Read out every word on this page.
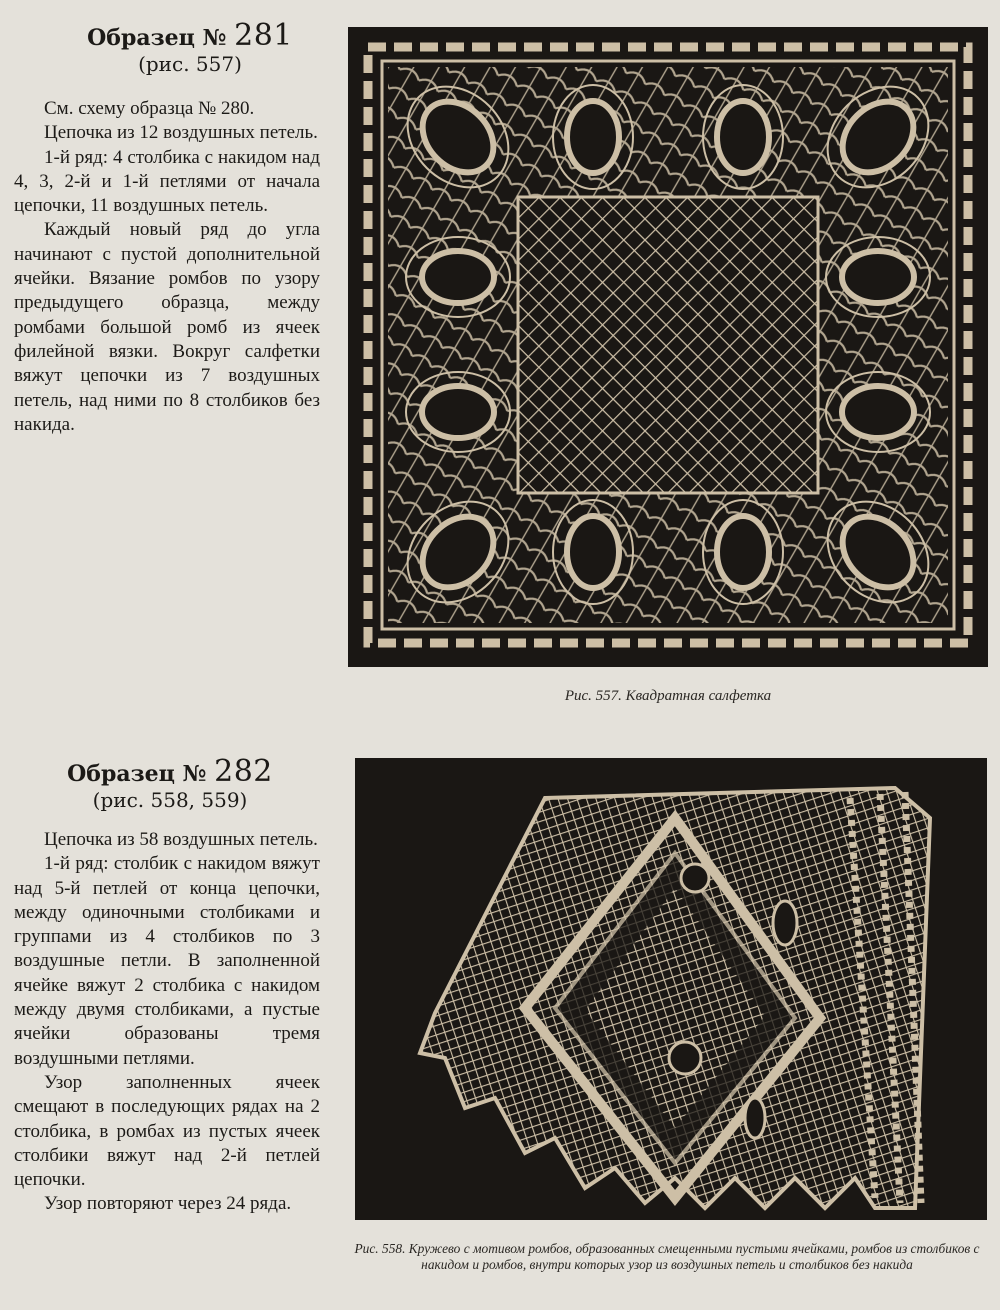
Образец № 281
(рис. 557)

См. схему образца № 280.

Цепочка из 12 воздушных петель.

1-й ряд: 4 столбика с накидом над 4, 3, 2-й и 1-й петлями от начала цепочки, 11 воздушных петель.

Каждый новый ряд до угла начинают с пустой дополнительной ячейки. Вязание ромбов по узору предыдущего образца, между ромбами большой ромб из ячеек филейной вязки. Вокруг салфетки вяжут цепочки из 7 воздушных петель, над ними по 8 столбиков без накида.

Рис. 557. Квадратная салфетка
Образец № 282
(рис. 558, 559)

Цепочка из 58 воздушных петель.

1-й ряд: столбик с накидом вяжут над 5-й петлей от конца цепочки, между одиночными столбиками и группами из 4 столбиков по 3 воздушные петли. В заполненной ячейке вяжут 2 столбика с накидом между двумя столбиками, а пустые ячейки образованы тремя воздушными петлями.

Узор заполненных ячеек смещают в последующих рядах на 2 столбика, в ромбах из пустых ячеек столбики вяжут над 2-й петлей цепочки.

Узор повторяют через 24 ряда.

Рис. 558. Кружево с мотивом ромбов, образованных смещенными пустыми ячейками, ромбов из столбиков с накидом и ромбов, внутри которых узор из воздушных петель и столбиков без накида
